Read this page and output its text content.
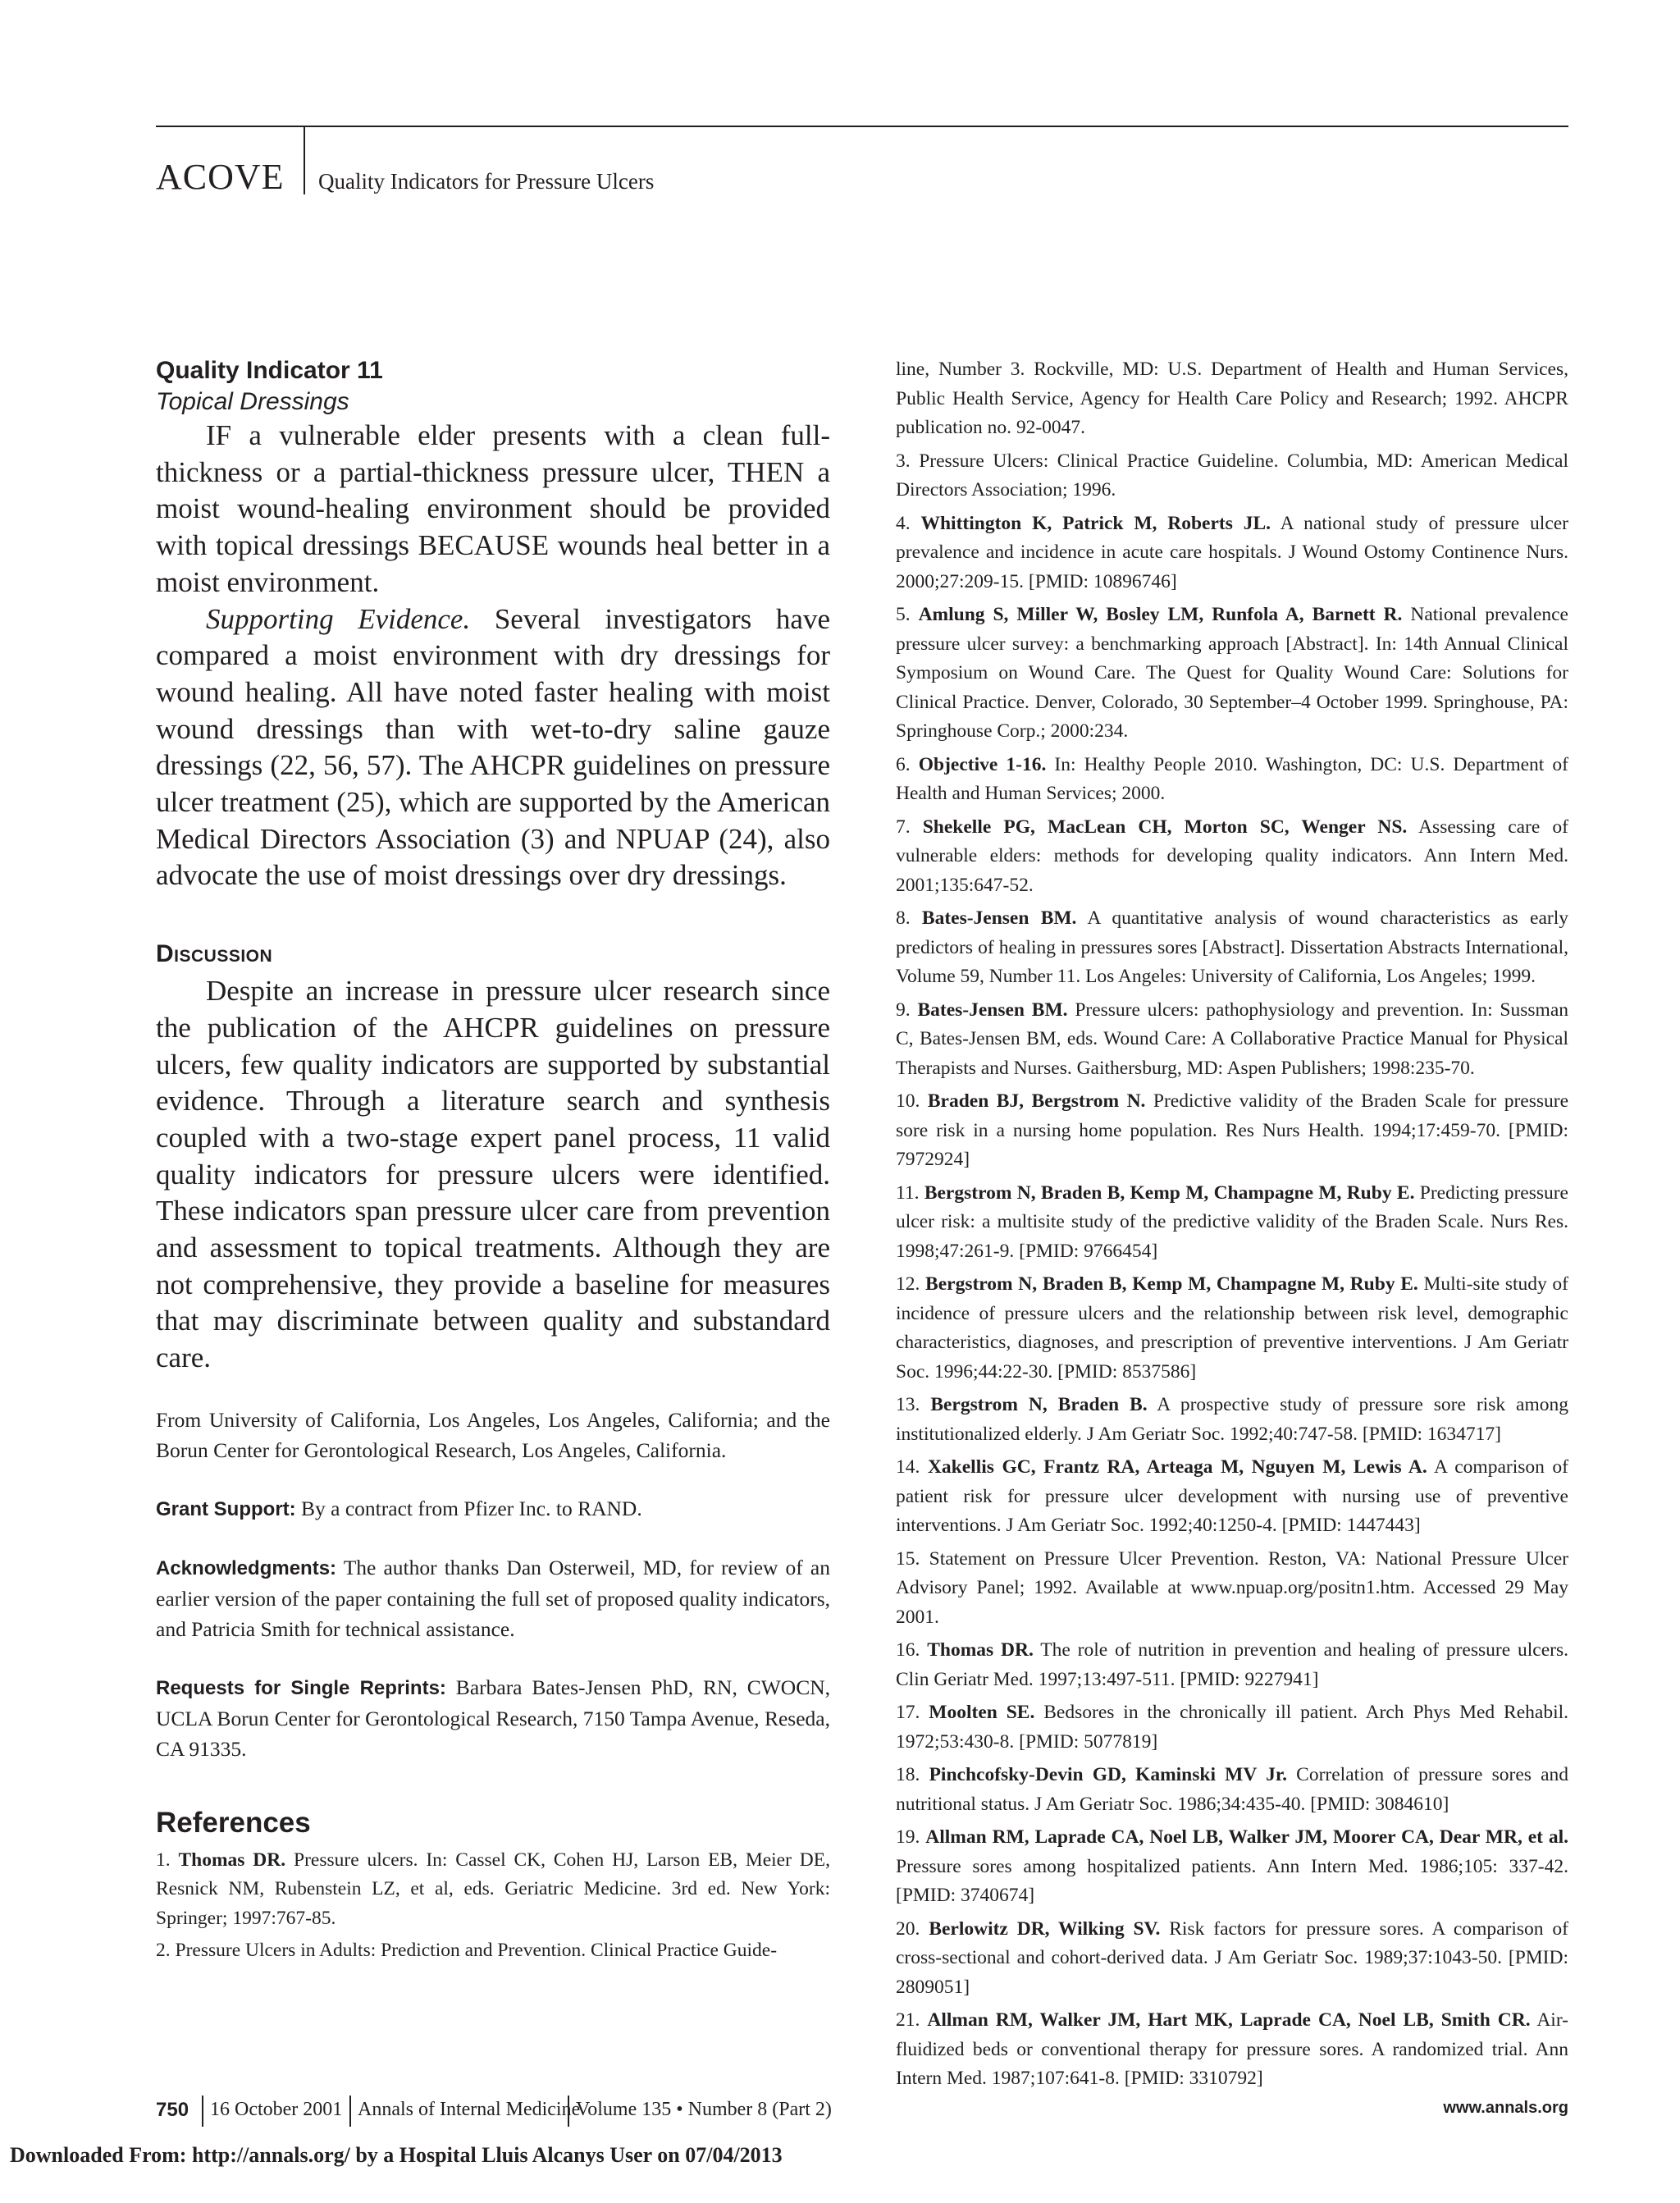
ACOVE Quality Indicators for Pressure Ulcers

Quality Indicator 11

Topical Dressings

IF a vulnerable elder presents with a clean full-thickness or a partial-thickness pressure ulcer, THEN a moist wound-healing environment should be provided with topical dressings BECAUSE wounds heal better in a moist environment.

Supporting Evidence. Several investigators have compared a moist environment with dry dressings for wound healing. All have noted faster healing with moist wound dressings than with wet-to-dry saline gauze dressings (22, 56, 57). The AHCPR guidelines on pressure ulcer treatment (25), which are supported by the American Medical Directors Association (3) and NPUAP (24), also advocate the use of moist dressings over dry dressings.

Discussion

Despite an increase in pressure ulcer research since the publication of the AHCPR guidelines on pressure ulcers, few quality indicators are supported by substantial evidence. Through a literature search and synthesis coupled with a two-stage expert panel process, 11 valid quality indicators for pressure ulcers were identified. These indicators span pressure ulcer care from prevention and assessment to topical treatments. Although they are not comprehensive, they provide a baseline for measures that may discriminate between quality and substandard care.

From University of California, Los Angeles, Los Angeles, California; and the Borun Center for Gerontological Research, Los Angeles, California.

Grant Support: By a contract from Pfizer Inc. to RAND.

Acknowledgments: The author thanks Dan Osterweil, MD, for review of an earlier version of the paper containing the full set of proposed quality indicators, and Patricia Smith for technical assistance.

Requests for Single Reprints: Barbara Bates-Jensen PhD, RN, CWOCN, UCLA Borun Center for Gerontological Research, 7150 Tampa Avenue, Reseda, CA 91335.

References

1. Thomas DR. Pressure ulcers. In: Cassel CK, Cohen HJ, Larson EB, Meier DE, Resnick NM, Rubenstein LZ, et al, eds. Geriatric Medicine. 3rd ed. New York: Springer; 1997:767-85.

2. Pressure Ulcers in Adults: Prediction and Prevention. Clinical Practice Guide-

line, Number 3. Rockville, MD: U.S. Department of Health and Human Services, Public Health Service, Agency for Health Care Policy and Research; 1992. AHCPR publication no. 92-0047.

3. Pressure Ulcers: Clinical Practice Guideline. Columbia, MD: American Medical Directors Association; 1996.

4. Whittington K, Patrick M, Roberts JL. A national study of pressure ulcer prevalence and incidence in acute care hospitals. J Wound Ostomy Continence Nurs. 2000;27:209-15. [PMID: 10896746]

5. Amlung S, Miller W, Bosley LM, Runfola A, Barnett R. National prevalence pressure ulcer survey: a benchmarking approach [Abstract]. In: 14th Annual Clinical Symposium on Wound Care. The Quest for Quality Wound Care: Solutions for Clinical Practice. Denver, Colorado, 30 September–4 October 1999. Springhouse, PA: Springhouse Corp.; 2000:234.

6. Objective 1-16. In: Healthy People 2010. Washington, DC: U.S. Department of Health and Human Services; 2000.

7. Shekelle PG, MacLean CH, Morton SC, Wenger NS. Assessing care of vulnerable elders: methods for developing quality indicators. Ann Intern Med. 2001;135:647-52.

8. Bates-Jensen BM. A quantitative analysis of wound characteristics as early predictors of healing in pressures sores [Abstract]. Dissertation Abstracts International, Volume 59, Number 11. Los Angeles: University of California, Los Angeles; 1999.

9. Bates-Jensen BM. Pressure ulcers: pathophysiology and prevention. In: Sussman C, Bates-Jensen BM, eds. Wound Care: A Collaborative Practice Manual for Physical Therapists and Nurses. Gaithersburg, MD: Aspen Publishers; 1998:235-70.

10. Braden BJ, Bergstrom N. Predictive validity of the Braden Scale for pressure sore risk in a nursing home population. Res Nurs Health. 1994;17:459-70. [PMID: 7972924]

11. Bergstrom N, Braden B, Kemp M, Champagne M, Ruby E. Predicting pressure ulcer risk: a multisite study of the predictive validity of the Braden Scale. Nurs Res. 1998;47:261-9. [PMID: 9766454]

12. Bergstrom N, Braden B, Kemp M, Champagne M, Ruby E. Multi-site study of incidence of pressure ulcers and the relationship between risk level, demographic characteristics, diagnoses, and prescription of preventive interventions. J Am Geriatr Soc. 1996;44:22-30. [PMID: 8537586]

13. Bergstrom N, Braden B. A prospective study of pressure sore risk among institutionalized elderly. J Am Geriatr Soc. 1992;40:747-58. [PMID: 1634717]

14. Xakellis GC, Frantz RA, Arteaga M, Nguyen M, Lewis A. A comparison of patient risk for pressure ulcer development with nursing use of preventive interventions. J Am Geriatr Soc. 1992;40:1250-4. [PMID: 1447443]

15. Statement on Pressure Ulcer Prevention. Reston, VA: National Pressure Ulcer Advisory Panel; 1992. Available at www.npuap.org/positn1.htm. Accessed 29 May 2001.

16. Thomas DR. The role of nutrition in prevention and healing of pressure ulcers. Clin Geriatr Med. 1997;13:497-511. [PMID: 9227941]

17. Moolten SE. Bedsores in the chronically ill patient. Arch Phys Med Rehabil. 1972;53:430-8. [PMID: 5077819]

18. Pinchcofsky-Devin GD, Kaminski MV Jr. Correlation of pressure sores and nutritional status. J Am Geriatr Soc. 1986;34:435-40. [PMID: 3084610]

19. Allman RM, Laprade CA, Noel LB, Walker JM, Moorer CA, Dear MR, et al. Pressure sores among hospitalized patients. Ann Intern Med. 1986;105: 337-42. [PMID: 3740674]

20. Berlowitz DR, Wilking SV. Risk factors for pressure sores. A comparison of cross-sectional and cohort-derived data. J Am Geriatr Soc. 1989;37:1043-50. [PMID: 2809051]

21. Allman RM, Walker JM, Hart MK, Laprade CA, Noel LB, Smith CR. Air-fluidized beds or conventional therapy for pressure sores. A randomized trial. Ann Intern Med. 1987;107:641-8. [PMID: 3310792]

750 16 October 2001 Annals of Internal Medicine
Volume 135 • Number 8 (Part 2)	www.annals.org
Downloaded From: http://annals.org/ by a Hospital Lluis Alcanys User on 07/04/2013
